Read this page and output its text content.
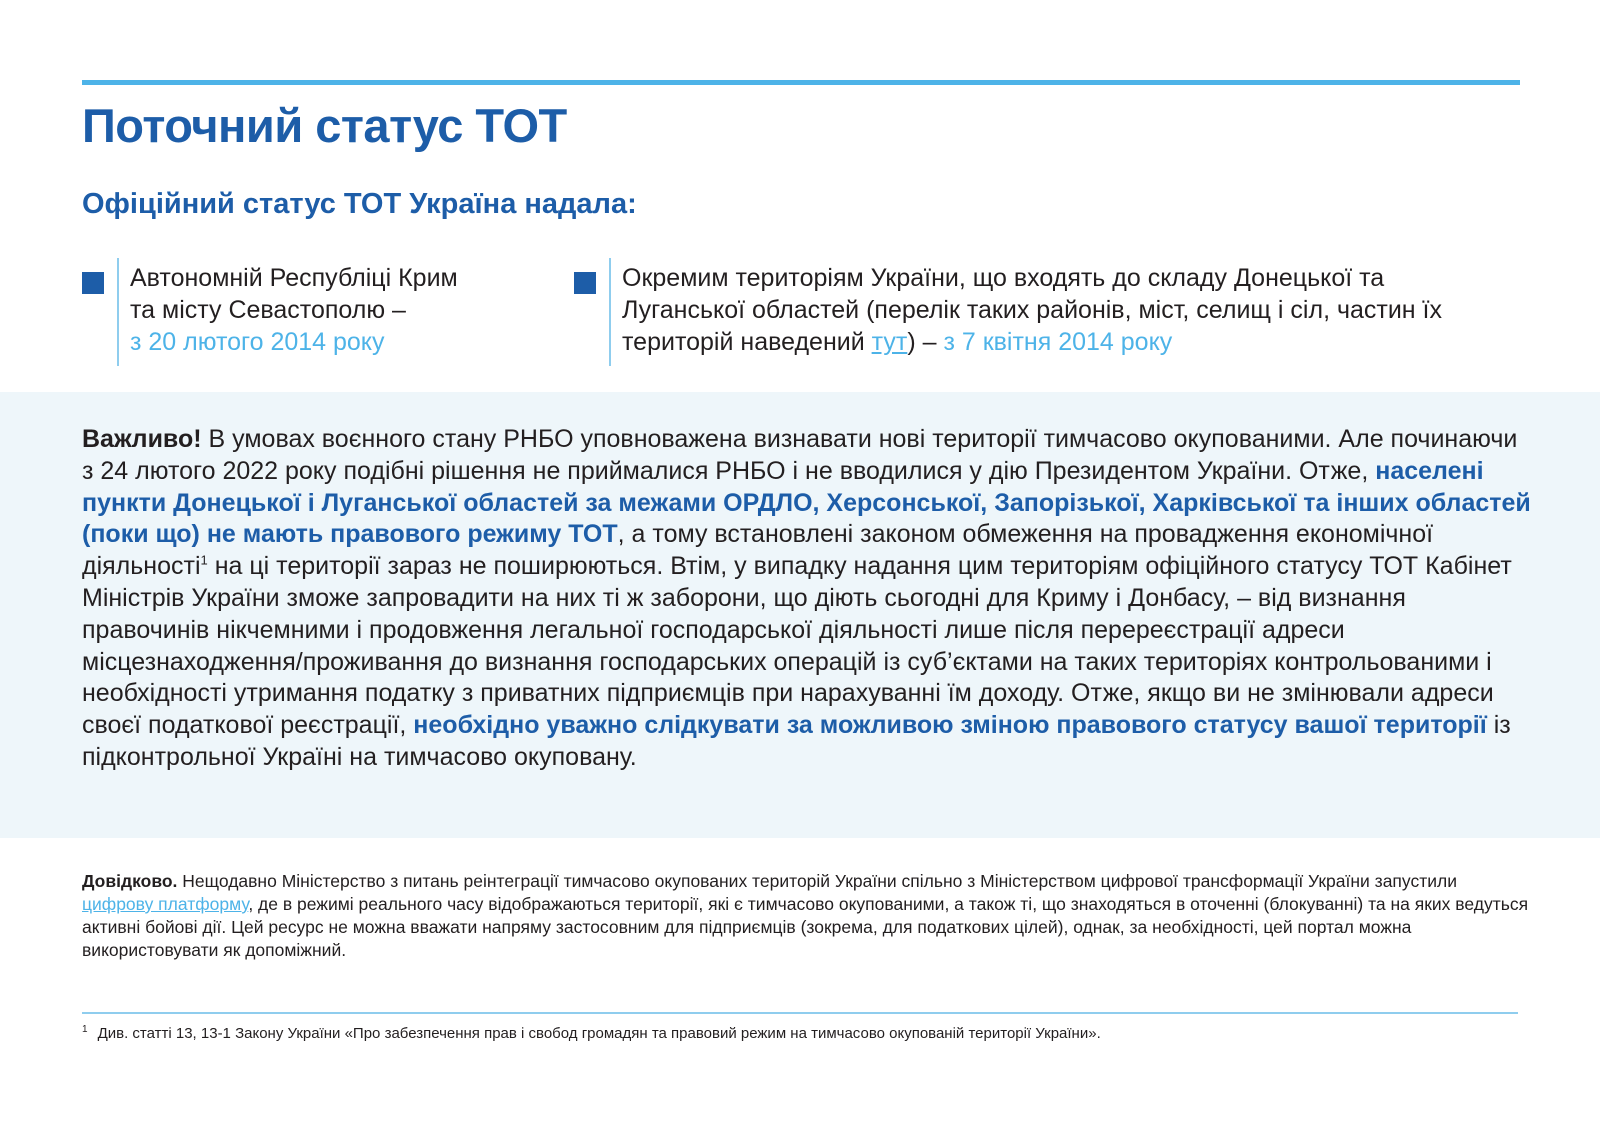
Поточний статус ТОТ
Офіційний статус ТОТ Україна надала:
Автономній Республіці Крим
та місту Севастополю –
з 20 лютого 2014 року
Окремим територіям України, що входять до складу Донецької та
Луганської областей (перелік таких районів, міст, селищ і сіл, частин їх
територій наведений тут) – з 7 квітня 2014 року

Важливо! В умовах воєнного стану РНБО уповноважена визнавати нові території тимчасово окупованими. Але починаючи з 24 лютого 2022 року подібні рішення не приймалися РНБО і не вводилися у дію Президентом України. Отже, населені пункти Донецької і Луганської областей за межами ОРДЛО, Херсонської, Запорізької, Харківської та інших областей (поки що) не мають правового режиму ТОТ, а тому встановлені законом обмеження на провадження економічної діяльності$^1$ на ці території зараз не поширюються. Втім, у випадку надання цим територіям офіційного статусу ТОТ Кабінет Міністрів України зможе запровадити на них ті ж заборони, що діють сьогодні для Криму і Донбасу, – від визнання правочинів нікчемними і продовження легальної господарської діяльності лише після перереєстрації адреси місцезнаходження/проживання до визнання господарських операцій із суб’єктами на таких територіях контрольованими і необхідності утримання податку з приватних підприємців при нарахуванні їм доходу. Отже, якщо ви не змінювали адреси своєї податкової реєстрації, необхідно уважно слідкувати за можливою зміною правового статусу вашої території із підконтрольної Україні на тимчасово окуповану.

Довідково. Нещодавно Міністерство з питань реінтеграції тимчасово окупованих територій України спільно з Міністерством цифрової трансформації України запустили цифрову платформу, де в режимі реального часу відображаються території, які є тимчасово окупованими, а також ті, що знаходяться в оточенні (блокуванні) та на яких ведуться активні бойові дії. Цей ресурс не можна вважати напряму застосовним для підприємців (зокрема, для податкових цілей), однак, за необхідності, цей портал можна використовувати як допоміжний.

$^1$ Див. статті 13, 13-1 Закону України «Про забезпечення прав і свобод громадян та правовий режим на тимчасово окупованій території України».
